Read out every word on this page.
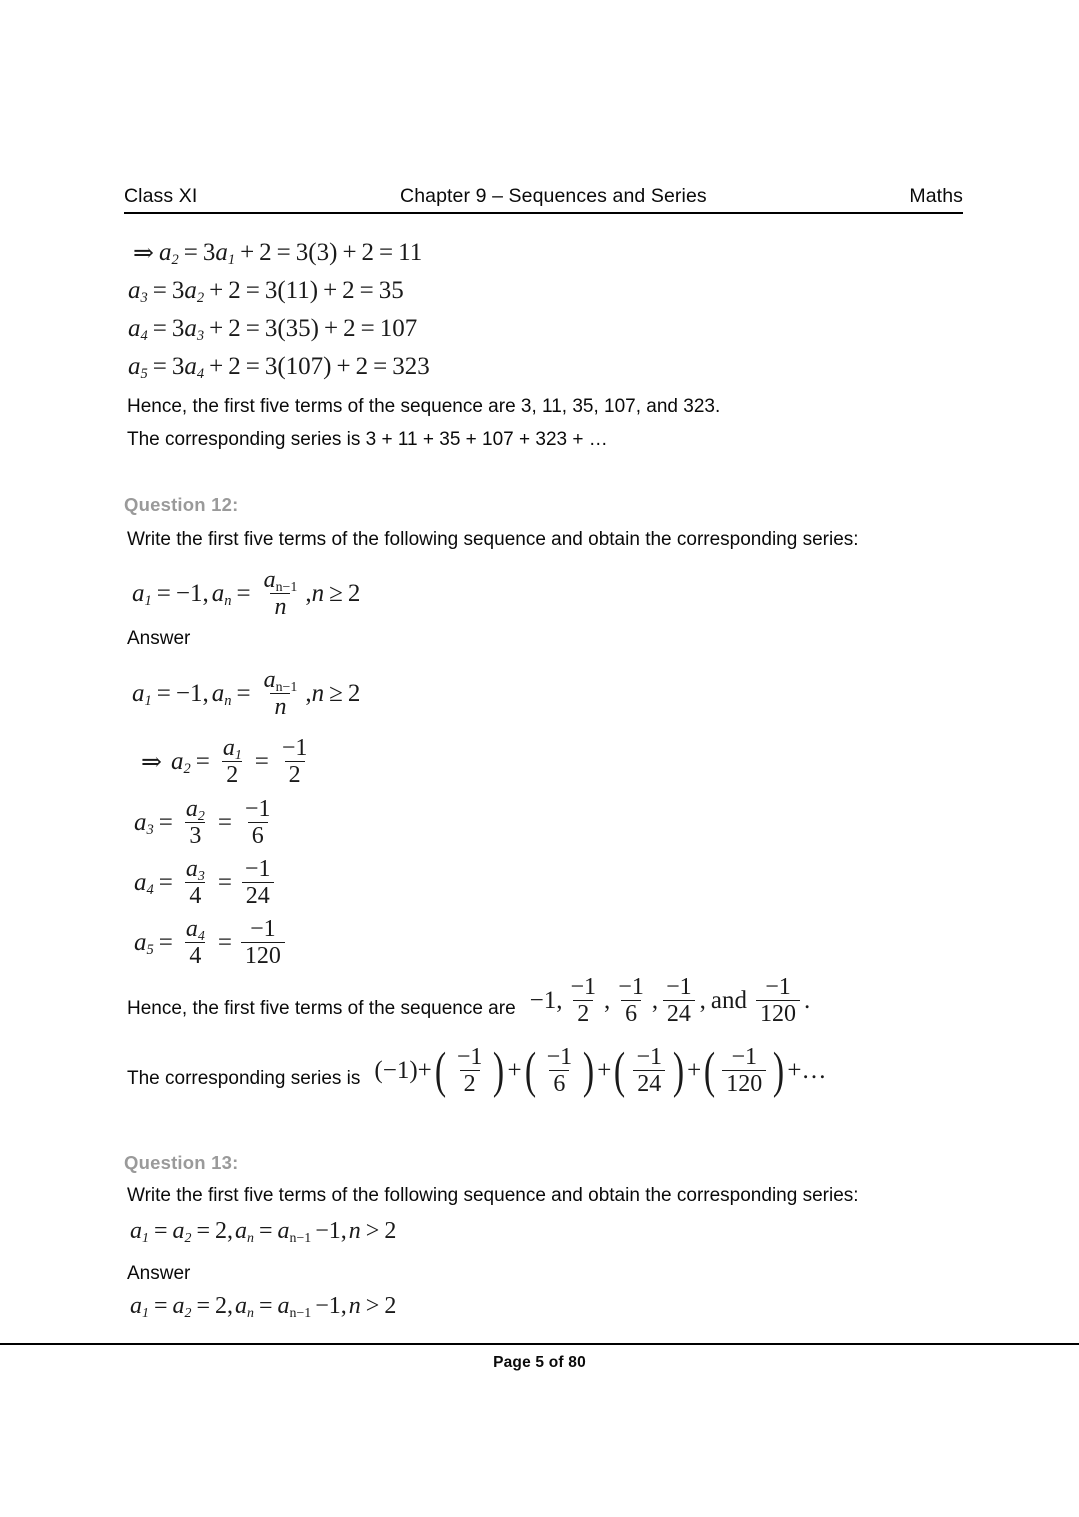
Class XI	Chapter 9 – Sequences and Series	Maths
⇒ $a_2 = 3$ $a_1 + 2 = 3$ ( 3 ) + 2 = 11
$a_3 = 3$ $a_2 + 2 = 3$ ( 11 ) + 2 = 35
$a_4 = 3$ $a_3 + 2 = 3$ ( 35 ) + 2 = 107
$a_5 = 3$ $a_4 + 2 = 3$ ( 107 ) + 2 = 323
Hence, the first five terms of the sequence are 3, 11, 35, 107, and 323.
The corresponding series is 3 + 11 + 35 + 107 + 323 + …
Question 12:
Write the first five terms of the following sequence and obtain the corresponding series:
$a_1 = -1$ , $a_n = \frac{a_{n-1}}{n}$ , n ≥ 2
Answer
$a_1 = -1$ , $a_n = \frac{a_{n-1}}{n}$ , n ≥ 2
⇒ $a_2 = \frac{a_1}{2} = \frac{-1}{2}$
$a_3 = \frac{a_2}{3} = \frac{-1}{6}$
$a_4 = \frac{a_3}{4} = \frac{-1}{24}$
$a_5 = \frac{a_4}{4} = \frac{-1}{120}$
Hence, the first five terms of the sequence are −1, $\frac{-1}{2}$ , $\frac{-1}{6}$ , $\frac{-1}{24}$ , and $\frac{-1}{120}$ .
The corresponding series is (−1) + ( $\frac{-1}{2}$ ) + ( $\frac{-1}{6}$ ) + ( $\frac{-1}{24}$ ) + ( $\frac{-1}{120}$ ) + …
Question 13:
Write the first five terms of the following sequence and obtain the corresponding series:
$a_1 = a_2 = 2$ , $a_n = a_{n-1} -1$ , n > 2
Answer
$a_1 = a_2 = 2$ , $a_n = a_{n-1} -1$ , n > 2
Page 5 of 80
